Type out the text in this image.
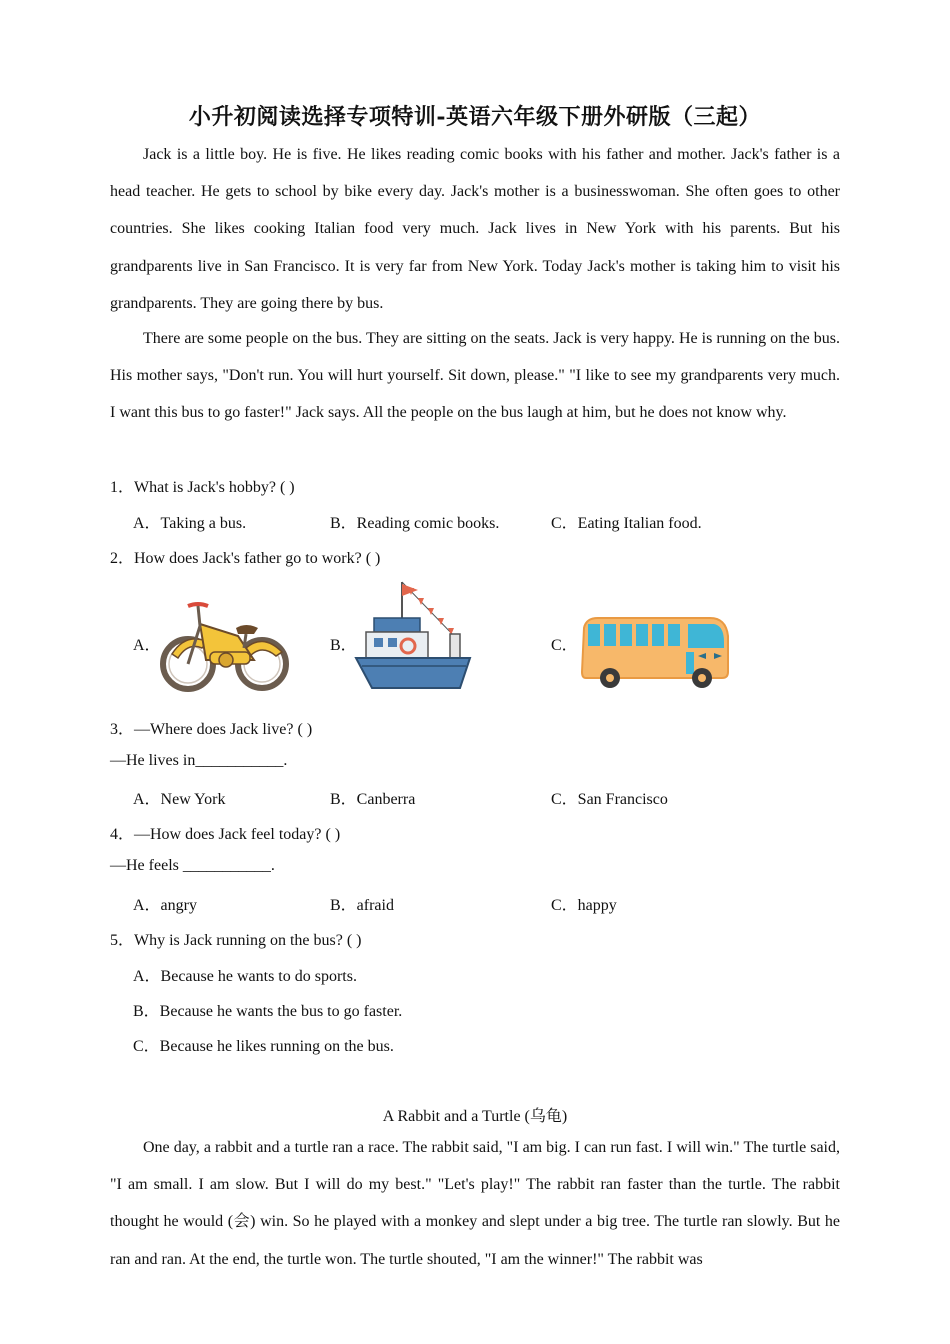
小升初阅读选择专项特训-英语六年级下册外研版（三起）

Jack is a little boy. He is five. He likes reading comic books with his father and mother. Jack's father is a head teacher. He gets to school by bike every day. Jack's mother is a businesswoman. She often goes to other countries. She likes cooking Italian food very much. Jack lives in New York with his parents. But his grandparents live in San Francisco. It is very far from New York. Today Jack's mother is taking him to visit his grandparents. They are going there by bus.

There are some people on the bus. They are sitting on the seats. Jack is very happy. He is running on the bus. His mother says, "Don't run. You will hurt yourself. Sit down, please." "I like to see my grandparents very much. I want this bus to go faster!" Jack says. All the people on the bus laugh at him, but he does not know why.

1．What is Jack's hobby? ( )
A．Taking a bus.	B．Reading comic books.	C．Eating Italian food.
2．How does Jack's father go to work? ( )
A．	B．	C．
3．—Where does Jack live? ( )
—He lives in___________.
A．New York	B．Canberra	C．San Francisco
4．—How does Jack feel today? ( )
—He feels ___________.
A．angry	B．afraid	C．happy
5．Why is Jack running on the bus? ( )
A．Because he wants to do sports.
B．Because he wants the bus to go faster.
C．Because he likes running on the bus.
A Rabbit and a Turtle (乌龟)

One day, a rabbit and a turtle ran a race. The rabbit said, "I am big. I can run fast. I will win." The turtle said, "I am small. I am slow. But I will do my best." "Let's play!" The rabbit ran faster than the turtle. The rabbit thought he would (会) win. So he played with a monkey and slept under a big tree. The turtle ran slowly. But he ran and ran. At the end, the turtle won. The turtle shouted, "I am the winner!" The rabbit was
